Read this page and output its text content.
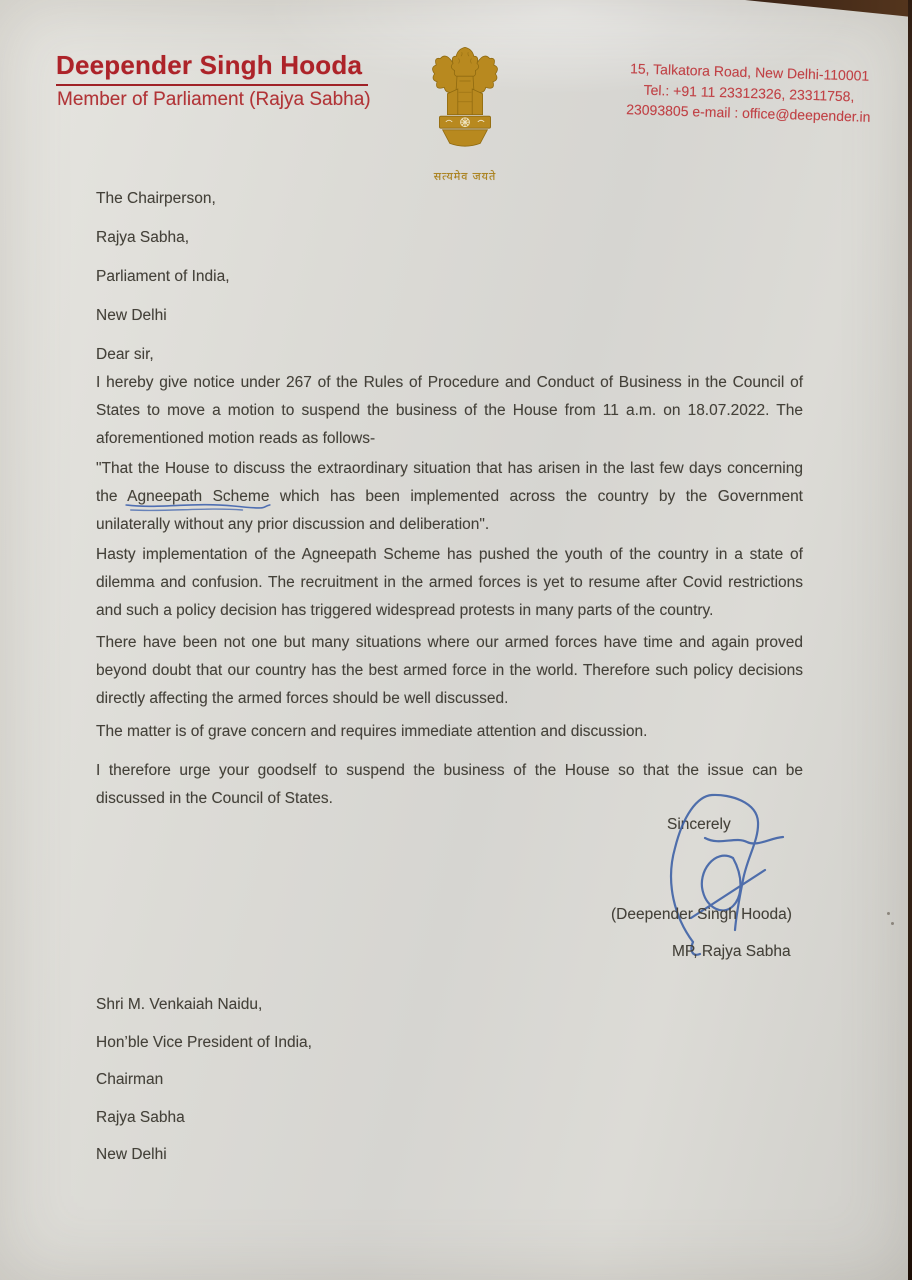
Deepender Singh Hooda
Member of Parliament (Rajya Sabha)
सत्यमेव जयते
15, Talkatora Road, New Delhi-110001
Tel.: +91 11 23312326, 23311758,
23093805 e-mail : office@deepender.in
The Chairperson,
Rajya Sabha,
Parliament of India,
New Delhi
Dear sir,

I hereby give notice under 267 of the Rules of Procedure and Conduct of Business in the Council of States to move a motion to suspend the business of the House from 11 a.m. on 18.07.2022. The aforementioned motion reads as follows-

"That the House to discuss the extraordinary situation that has arisen in the last few days concerning the Agneepath Scheme
which has been implemented across the country by the Government unilaterally without any prior discussion and deliberation".

Hasty implementation of the Agneepath Scheme has pushed the youth of the country in a state of dilemma and confusion. The recruitment in the armed forces is yet to resume after Covid restrictions and such a policy decision has triggered widespread protests in many parts of the country.

There have been not one but many situations where our armed forces have time and again proved beyond doubt that our country has the best armed force in the world. Therefore such policy decisions directly affecting the armed forces should be well discussed.

The matter is of grave concern and requires immediate attention and discussion.

I therefore urge your goodself to suspend the business of the House so that the issue can be discussed in the Council of States.

Sincerely
(Deepender Singh Hooda)
MP, Rajya Sabha
Shri M. Venkaiah Naidu,
Hon’ble Vice President of India,
Chairman
Rajya Sabha
New Delhi
